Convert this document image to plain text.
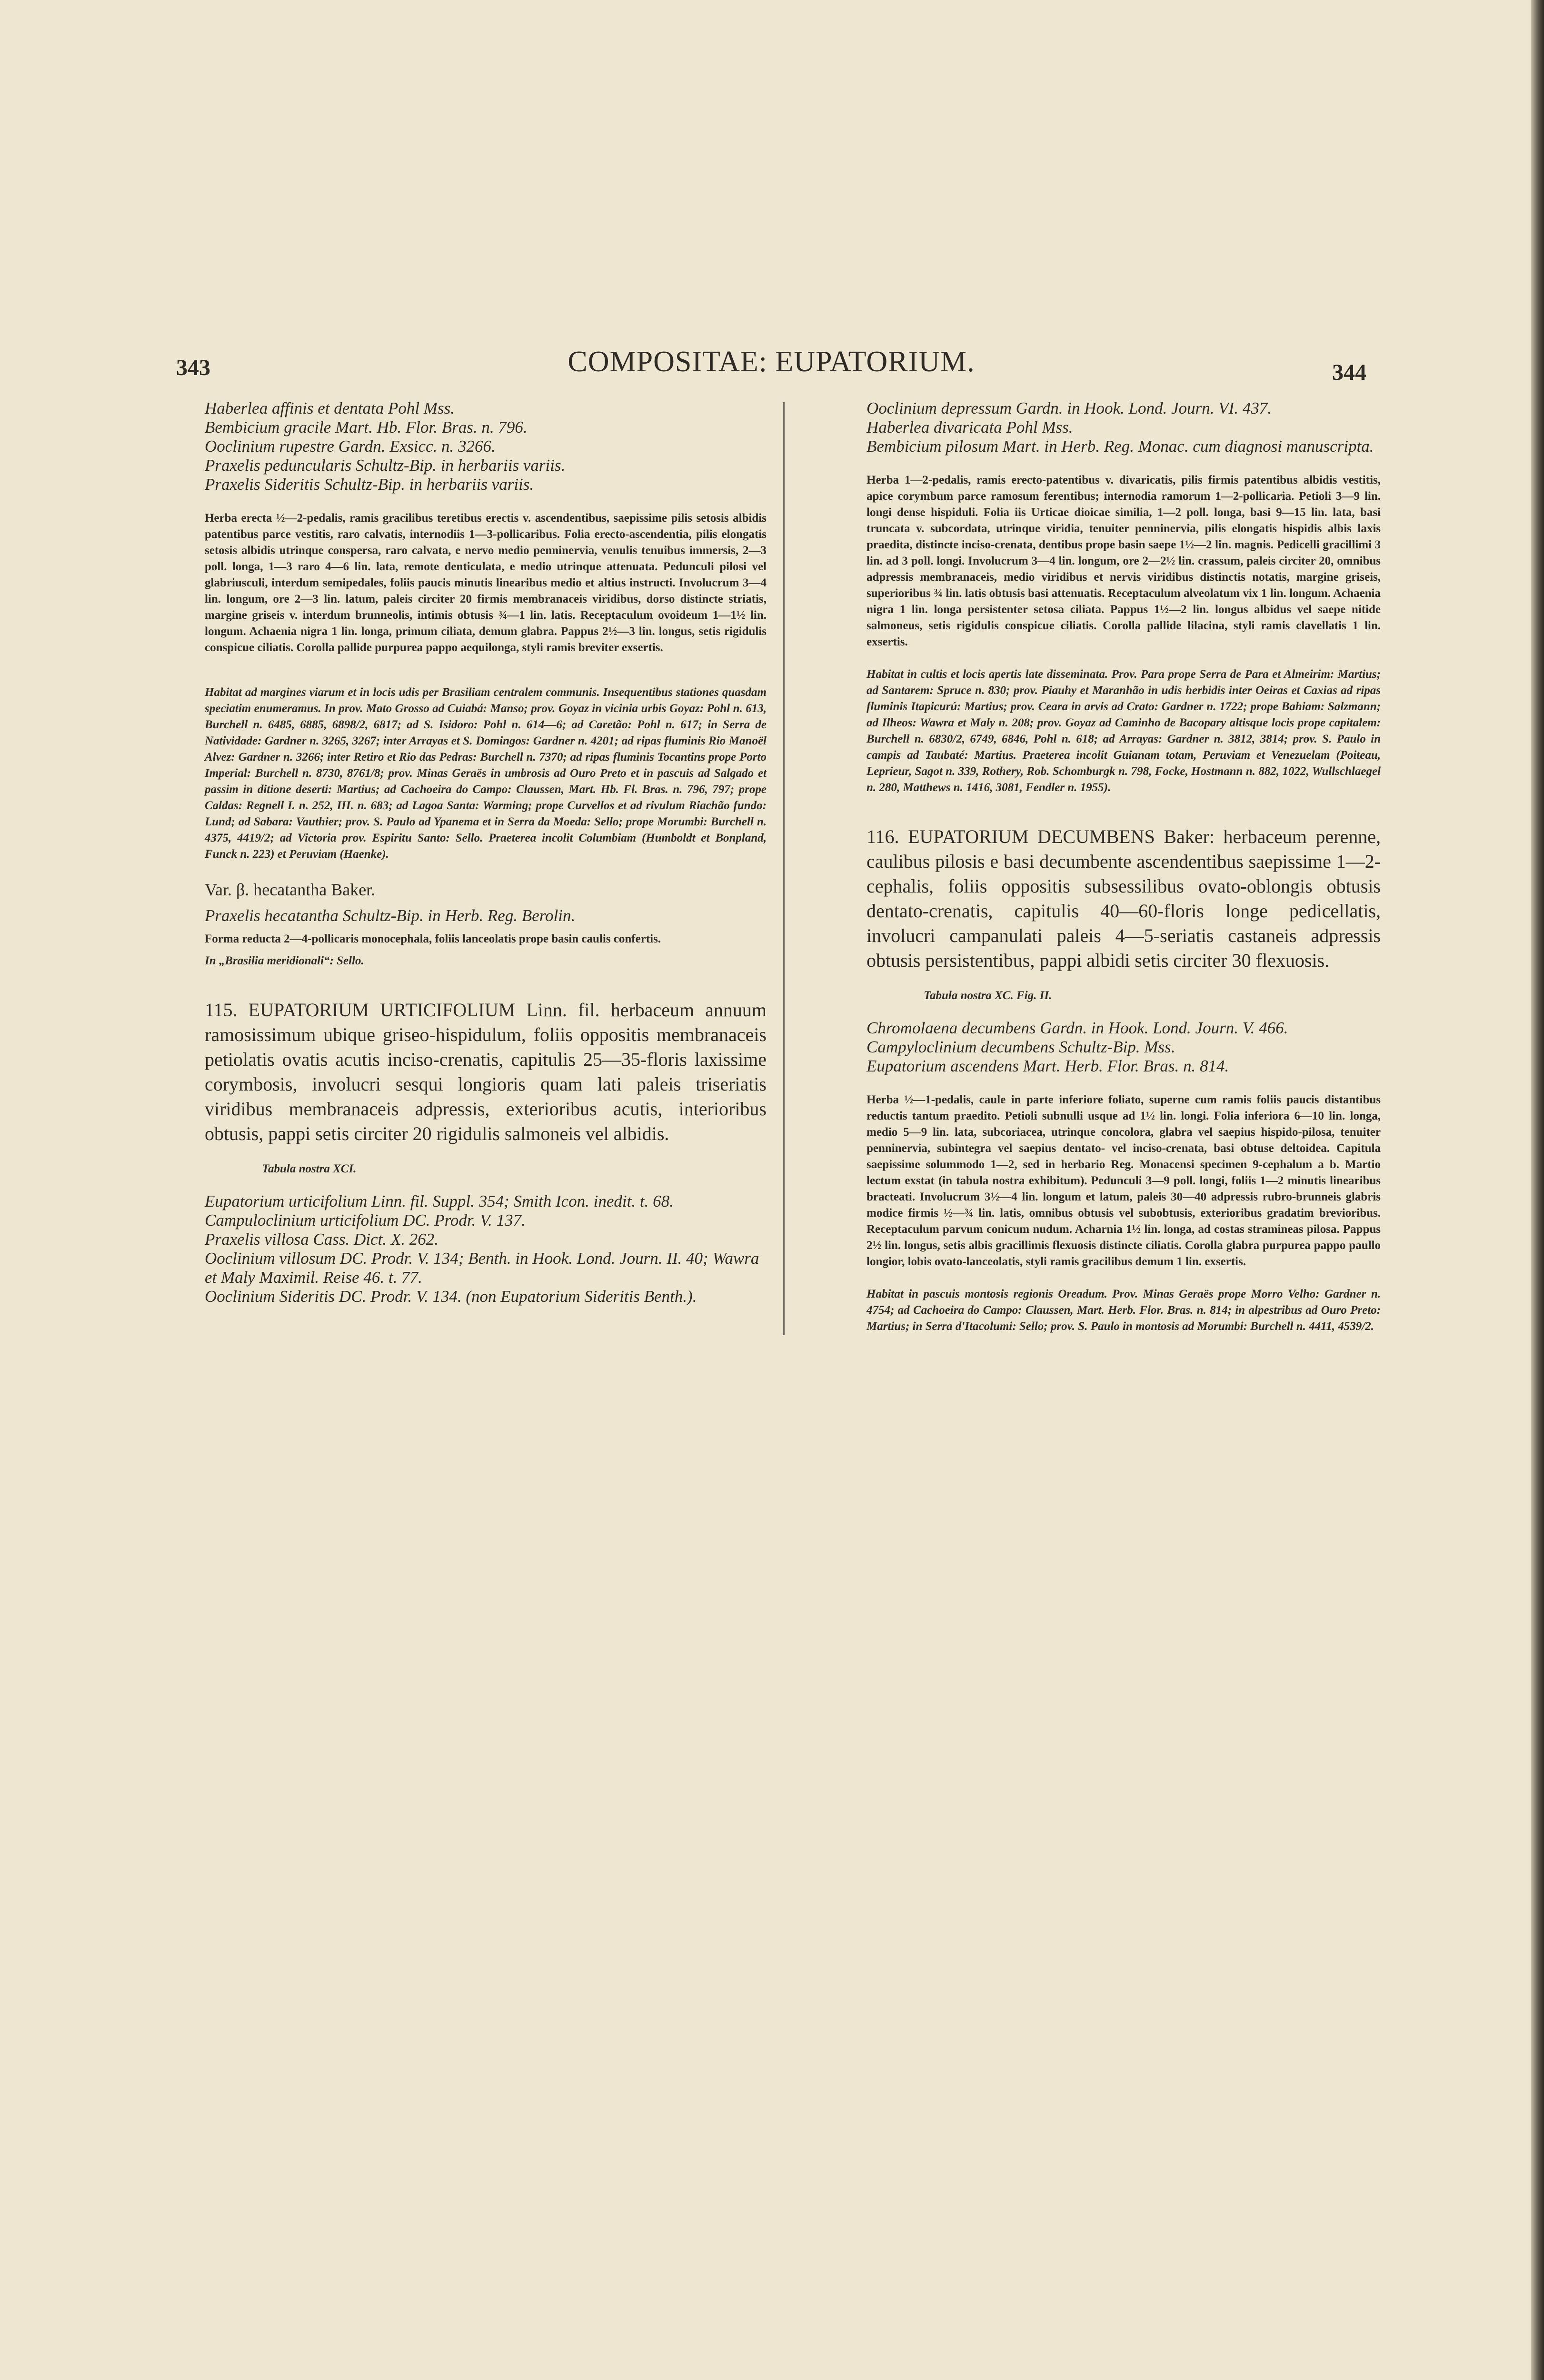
343	COMPOSITAE: EUPATORIUM.	344

Haberlea affinis et dentata Pohl Mss.

Bembicium gracile Mart. Hb. Flor. Bras. n. 796.

Ooclinium rupestre Gardn. Exsicc. n. 3266.

Praxelis peduncularis Schultz-Bip. in herbariis variis.

Praxelis Sideritis Schultz-Bip. in herbariis variis.

Herba erecta ½—2-pedalis, ramis gracilibus teretibus erectis v. ascendentibus, saepissime pilis setosis albidis patentibus parce vestitis, raro calvatis, internodiis 1—3-pollicaribus. Folia erecto-ascendentia, pilis elongatis setosis albidis utrinque conspersa, raro calvata, e nervo medio penninervia, venulis tenuibus immersis, 2—3 poll. longa, 1—3 raro 4—6 lin. lata, remote denticulata, e medio utrinque attenuata. Pedunculi pilosi vel glabriusculi, interdum semipedales, foliis paucis minutis linearibus medio et altius instructi. Involucrum 3—4 lin. longum, ore 2—3 lin. latum, paleis circiter 20 firmis membranaceis viridibus, dorso distincte striatis, margine griseis v. interdum brunneolis, intimis obtusis ¾—1 lin. latis. Receptaculum ovoideum 1—1½ lin. longum. Achaenia nigra 1 lin. longa, primum ciliata, demum glabra. Pappus 2½—3 lin. longus, setis rigidulis conspicue ciliatis. Corolla pallide purpurea pappo aequilonga, styli ramis breviter exsertis.

Habitat ad margines viarum et in locis udis per Brasiliam centralem communis. Insequentibus stationes quasdam speciatim enumeramus. In prov. Mato Grosso ad Cuiabá: Manso; prov. Goyaz in vicinia urbis Goyaz: Pohl n. 613, Burchell n. 6485, 6885, 6898/2, 6817; ad S. Isidoro: Pohl n. 614—6; ad Caretão: Pohl n. 617; in Serra de Natividade: Gardner n. 3265, 3267; inter Arrayas et S. Domingos: Gardner n. 4201; ad ripas fluminis Rio Manoël Alvez: Gardner n. 3266; inter Retiro et Rio das Pedras: Burchell n. 7370; ad ripas fluminis Tocantins prope Porto Imperial: Burchell n. 8730, 8761/8; prov. Minas Geraës in umbrosis ad Ouro Preto et in pascuis ad Salgado et passim in ditione deserti: Martius; ad Cachoeira do Campo: Claussen, Mart. Hb. Fl. Bras. n. 796, 797; prope Caldas: Regnell I. n. 252, III. n. 683; ad Lagoa Santa: Warming; prope Curvellos et ad rivulum Riachão fundo: Lund; ad Sabara: Vauthier; prov. S. Paulo ad Ypanema et in Serra da Moeda: Sello; prope Morumbi: Burchell n. 4375, 4419/2; ad Victoria prov. Espiritu Santo: Sello. Praeterea incolit Columbiam (Humboldt et Bonpland, Funck n. 223) et Peruviam (Haenke).

Var. β. hecatantha Baker.

Praxelis hecatantha Schultz-Bip. in Herb. Reg. Berolin.

Forma reducta 2—4-pollicaris monocephala, foliis lanceolatis prope basin caulis confertis.

In „Brasilia meridionali“: Sello.

115. EUPATORIUM URTICIFOLIUM Linn. fil. herbaceum annuum ramosissimum ubique griseo-hispidulum, foliis oppositis membranaceis petiolatis ovatis acutis inciso-crenatis, capitulis 25—35-floris laxissime corymbosis, involucri sesqui longioris quam lati paleis triseriatis viridibus membranaceis adpressis, exterioribus acutis, interioribus obtusis, pappi setis circiter 20 rigidulis salmoneis vel albidis.

Tabula nostra XCI.

Eupatorium urticifolium Linn. fil. Suppl. 354; Smith Icon. inedit. t. 68.

Campuloclinium urticifolium DC. Prodr. V. 137.

Praxelis villosa Cass. Dict. X. 262.

Ooclinium villosum DC. Prodr. V. 134; Benth. in Hook. Lond. Journ. II. 40; Wawra et Maly Maximil. Reise 46. t. 77.

Ooclinium Sideritis DC. Prodr. V. 134. (non Eupatorium Sideritis Benth.).

Ooclinium depressum Gardn. in Hook. Lond. Journ. VI. 437.

Haberlea divaricata Pohl Mss.

Bembicium pilosum Mart. in Herb. Reg. Monac. cum diagnosi manuscripta.

Herba 1—2-pedalis, ramis erecto-patentibus v. divaricatis, pilis firmis patentibus albidis vestitis, apice corymbum parce ramosum ferentibus; internodia ramorum 1—2-pollicaria. Petioli 3—9 lin. longi dense hispiduli. Folia iis Urticae dioicae similia, 1—2 poll. longa, basi 9—15 lin. lata, basi truncata v. subcordata, utrinque viridia, tenuiter penninervia, pilis elongatis hispidis albis laxis praedita, distincte inciso-crenata, dentibus prope basin saepe 1½—2 lin. magnis. Pedicelli gracillimi 3 lin. ad 3 poll. longi. Involucrum 3—4 lin. longum, ore 2—2½ lin. crassum, paleis circiter 20, omnibus adpressis membranaceis, medio viridibus et nervis viridibus distinctis notatis, margine griseis, superioribus ¾ lin. latis obtusis basi attenuatis. Receptaculum alveolatum vix 1 lin. longum. Achaenia nigra 1 lin. longa persistenter setosa ciliata. Pappus 1½—2 lin. longus albidus vel saepe nitide salmoneus, setis rigidulis conspicue ciliatis. Corolla pallide lilacina, styli ramis clavellatis 1 lin. exsertis.

Habitat in cultis et locis apertis late disseminata. Prov. Para prope Serra de Para et Almeirim: Martius; ad Santarem: Spruce n. 830; prov. Piauhy et Maranhão in udis herbidis inter Oeiras et Caxias ad ripas fluminis Itapicurú: Martius; prov. Ceara in arvis ad Crato: Gardner n. 1722; prope Bahiam: Salzmann; ad Ilheos: Wawra et Maly n. 208; prov. Goyaz ad Caminho de Bacopary altisque locis prope capitalem: Burchell n. 6830/2, 6749, 6846, Pohl n. 618; ad Arrayas: Gardner n. 3812, 3814; prov. S. Paulo in campis ad Taubaté: Martius. Praeterea incolit Guianam totam, Peruviam et Venezuelam (Poiteau, Leprieur, Sagot n. 339, Rothery, Rob. Schomburgk n. 798, Focke, Hostmann n. 882, 1022, Wullschlaegel n. 280, Matthews n. 1416, 3081, Fendler n. 1955).

116. EUPATORIUM DECUMBENS Baker: herbaceum perenne, caulibus pilosis e basi decumbente ascendentibus saepissime 1—2-cephalis, foliis oppositis subsessilibus ovato-oblongis obtusis dentato-crenatis, capitulis 40—60-floris longe pedicellatis, involucri campanulati paleis 4—5-seriatis castaneis adpressis obtusis persistentibus, pappi albidi setis circiter 30 flexuosis.

Tabula nostra XC. Fig. II.

Chromolaena decumbens Gardn. in Hook. Lond. Journ. V. 466.

Campyloclinium decumbens Schultz-Bip. Mss.

Eupatorium ascendens Mart. Herb. Flor. Bras. n. 814.

Herba ½—1-pedalis, caule in parte inferiore foliato, superne cum ramis foliis paucis distantibus reductis tantum praedito. Petioli subnulli usque ad 1½ lin. longi. Folia inferiora 6—10 lin. longa, medio 5—9 lin. lata, subcoriacea, utrinque concolora, glabra vel saepius hispido-pilosa, tenuiter penninervia, subintegra vel saepius dentato- vel inciso-crenata, basi obtuse deltoidea. Capitula saepissime solummodo 1—2, sed in herbario Reg. Monacensi specimen 9-cephalum a b. Martio lectum exstat (in tabula nostra exhibitum). Pedunculi 3—9 poll. longi, foliis 1—2 minutis linearibus bracteati. Involucrum 3½—4 lin. longum et latum, paleis 30—40 adpressis rubro-brunneis glabris modice firmis ½—¾ lin. latis, omnibus obtusis vel subobtusis, exterioribus gradatim brevioribus. Receptaculum parvum conicum nudum. Acharnia 1½ lin. longa, ad costas stramineas pilosa. Pappus 2½ lin. longus, setis albis gracillimis flexuosis distincte ciliatis. Corolla glabra purpurea pappo paullo longior, lobis ovato-lanceolatis, styli ramis gracilibus demum 1 lin. exsertis.

Habitat in pascuis montosis regionis Oreadum. Prov. Minas Geraës prope Morro Velho: Gardner n. 4754; ad Cachoeira do Campo: Claussen, Mart. Herb. Flor. Bras. n. 814; in alpestribus ad Ouro Preto: Martius; in Serra d'Itacolumi: Sello; prov. S. Paulo in montosis ad Morumbi: Burchell n. 4411, 4539/2.
